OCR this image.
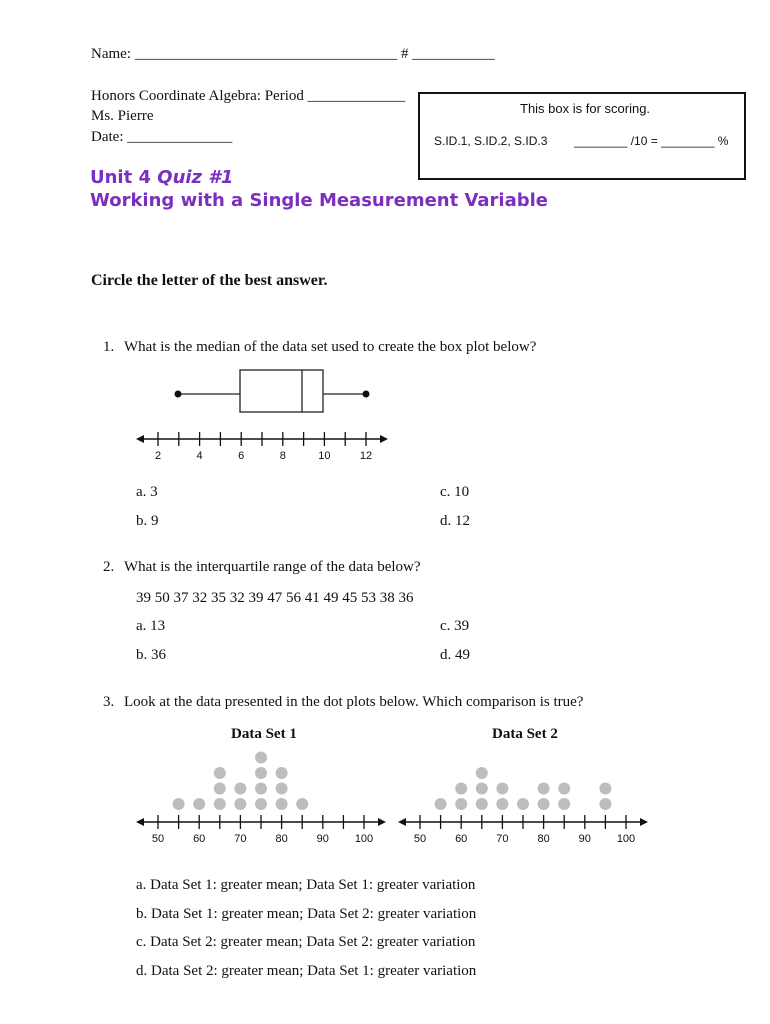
Name: ___________________________________ # ___________
Honors Coordinate Algebra: Period _____________
Ms. Pierre
Date: ______________
This box is for scoring.
S.ID.1, S.ID.2, S.ID.3 ________ /10 = ________ %
Unit 4 Quiz #1
Working with a Single Measurement Variable
Circle the letter of the best answer.
1. What is the median of the data set used to create the box plot below?
2	4	6	8	10	12
a. 3	c. 10
b. 9	d. 12
2. What is the interquartile range of the data below?
39 50 37 32 35 32 39 47 56 41 49 45 53 38 36
a. 13	c. 39
b. 36	d. 49
3. Look at the data presented in the dot plots below. Which comparison is true?
Data Set 1	Data Set 2
50	60	70	80	90 100	50	60	70	80	90 100
a. Data Set 1: greater mean; Data Set 1: greater variation
b. Data Set 1: greater mean; Data Set 2: greater variation
c. Data Set 2: greater mean; Data Set 2: greater variation
d. Data Set 2: greater mean; Data Set 1: greater variation
